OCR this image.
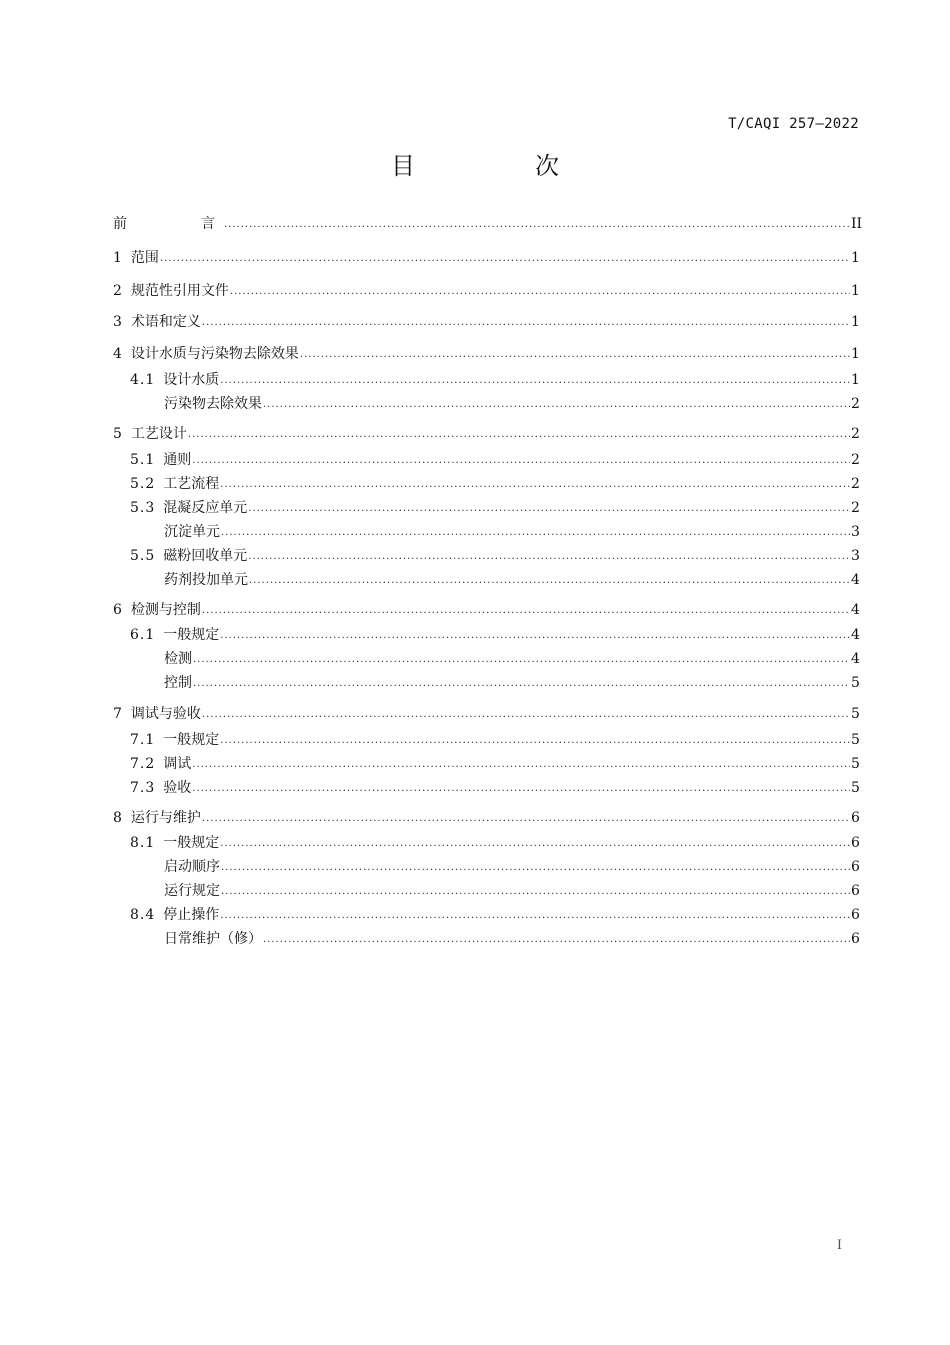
T/CAQI 257—2022
目　次
前　　　言 .....	II
1 范围 .....	1
2 规范性引用文件 .....	1
3 术语和定义 .....	1
4 设计水质与污染物去除效果 .....	1
4.1 设计水质 .....	1
污染物去除效果 .....	2
5 工艺设计 .....	2
5.1 通则 .....	2
5.2 工艺流程 .....	2
5.3 混凝反应单元 .....	2
沉淀单元 .....	3
5.5 磁粉回收单元 .....	3
药剂投加单元 .....	4
6 检测与控制 .....	4
6.1 一般规定 .....	4
检测 .....	4
控制 .....	5
7 调试与验收 .....	5
7.1 一般规定 .....	5
7.2 调试 .....	5
7.3 验收 .....	5
8 运行与维护 .....	6
8.1 一般规定 .....	6
启动顺序 .....	6
运行规定 .....	6
8.4 停止操作 .....	6
日常维护（修） .....	6
I
